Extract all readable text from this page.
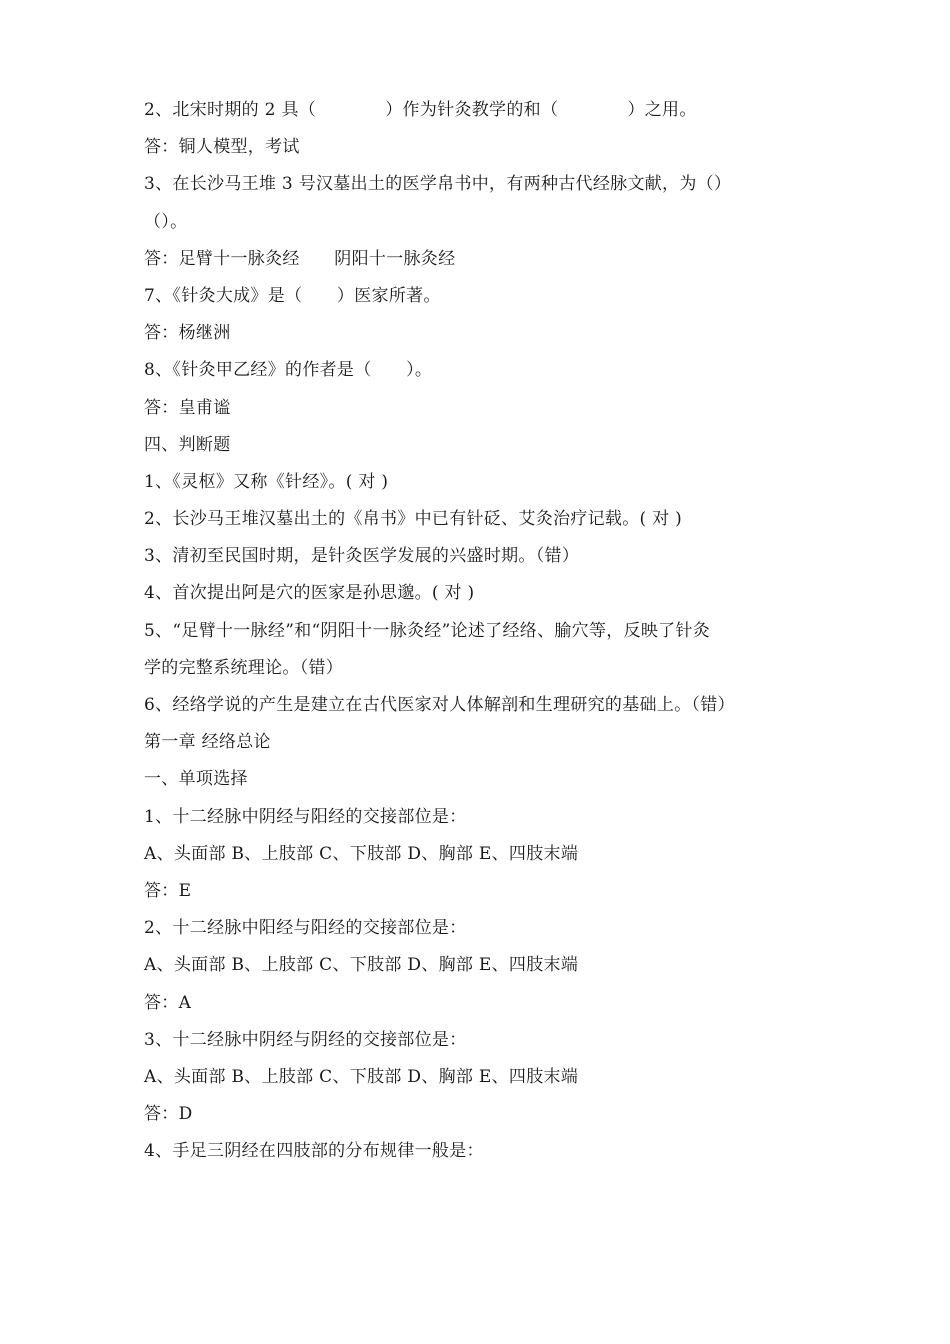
2、北宋时期的 2 具（　　　　）作为针灸教学的和（　　　　）之用。
答：铜人模型，考试
3、在长沙马王堆 3 号汉墓出土的医学帛书中，有两种古代经脉文献，为（）
（）。
答：足臂十一脉灸经　　阴阳十一脉灸经
7、《针灸大成》是（　　）医家所著。
答：杨继洲
8、《针灸甲乙经》的作者是（　　）。
答：皇甫谧
四、判断题
1、《灵枢》又称《针经》。( 对 )
2、长沙马王堆汉墓出土的《帛书》中已有针砭、艾灸治疗记载。( 对 )
3、清初至民国时期，是针灸医学发展的兴盛时期。（错）
4、首次提出阿是穴的医家是孙思邈。( 对 )
5、“足臂十一脉经”和“阴阳十一脉灸经”论述了经络、腧穴等，反映了针灸
学的完整系统理论。（错）
6、经络学说的产生是建立在古代医家对人体解剖和生理研究的基础上。（错）
第一章 经络总论
一、单项选择
1、十二经脉中阴经与阳经的交接部位是：
A、头面部 B、上肢部 C、下肢部 D、胸部 E、四肢末端
答：E
2、十二经脉中阳经与阳经的交接部位是：
A、头面部 B、上肢部 C、下肢部 D、胸部 E、四肢末端
答：A
3、十二经脉中阴经与阴经的交接部位是：
A、头面部 B、上肢部 C、下肢部 D、胸部 E、四肢末端
答：D
4、手足三阴经在四肢部的分布规律一般是：
